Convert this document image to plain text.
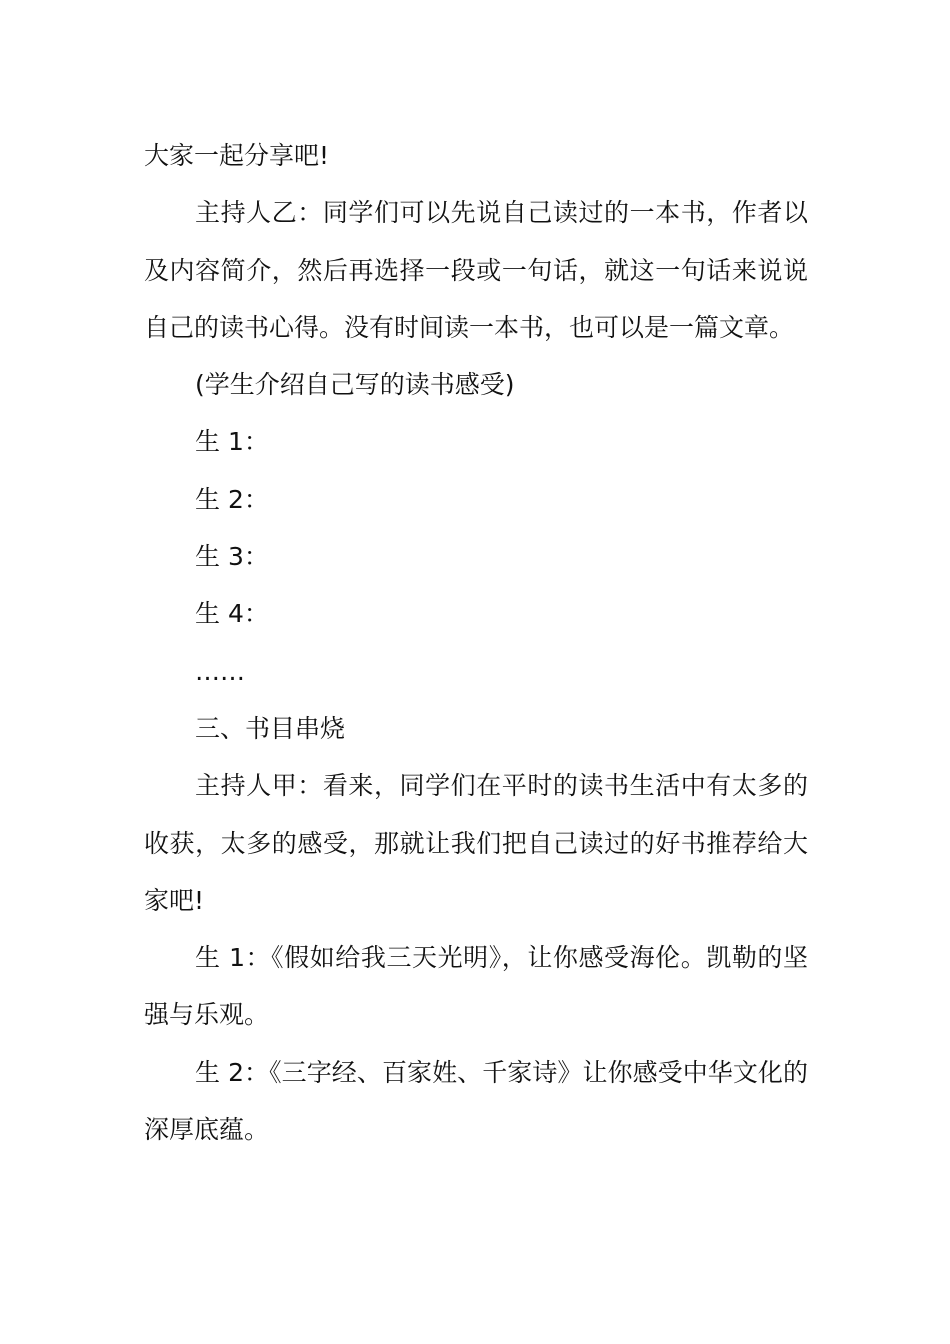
大家一起分享吧!

主持人乙：同学们可以先说自己读过的一本书，作者以及内容简介，然后再选择一段或一句话，就这一句话来说说自己的读书心得。没有时间读一本书，也可以是一篇文章。

(学生介绍自己写的读书感受)

生 1：

生 2：

生 3：

生 4：

……

三、书目串烧

主持人甲：看来，同学们在平时的读书生活中有太多的收获，太多的感受，那就让我们把自己读过的好书推荐给大家吧!

生 1：《假如给我三天光明》，让你感受海伦。凯勒的坚强与乐观。

生 2：《三字经、百家姓、千家诗》让你感受中华文化的深厚底蕴。
